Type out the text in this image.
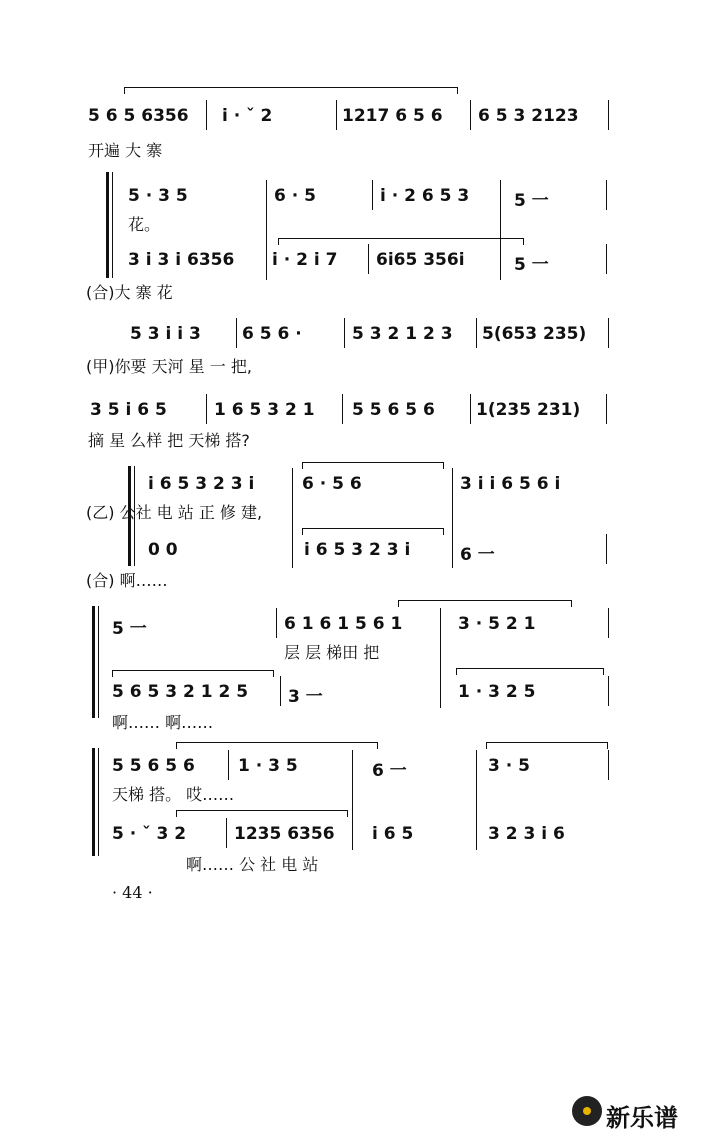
5 6 5 6356 i · ˇ 2	1217 6 5 6 6 5 3 2123
开遍 大 寨
5 · 3 5	6 · 5	i · 2 6 5 3	5 一
花。
3 i 3 i 6356 i · 2 i 7 6i65 356i	5 一
(合)大 寨 花
5 3 i i 3 6 5 6 ·	5 3 2 1 2 3 5(653 235)
(甲)你要 天河 星 一 把,
3 5 i 6 5	1 6 5 3 2 1 5 5 6 5 6 1(235 231)
摘 星 么样 把 天梯 搭?
i 6 5 3 2 3 i	6 · 5 6	3 i i 6 5 6 i
(乙) 公社 电 站 正 修 建,
0 0	i 6 5 3 2 3 i	6 一
(合) 啊……
5 一	6 1 6 1 5 6 1	3 · 5 2 1
层 层 梯田 把
5 6 5 3 2 1 2 5 3 一	1 · 3 2 5
啊…… 啊……
5 5 6 5 6	1 · 3 5	6 一	3 · 5
天梯 搭。 哎……
5 · ˇ 3 2	1235 6356 i 6 5	3 2 3 i 6
啊…… 公 社 电 站
· 44 ·
新乐谱
